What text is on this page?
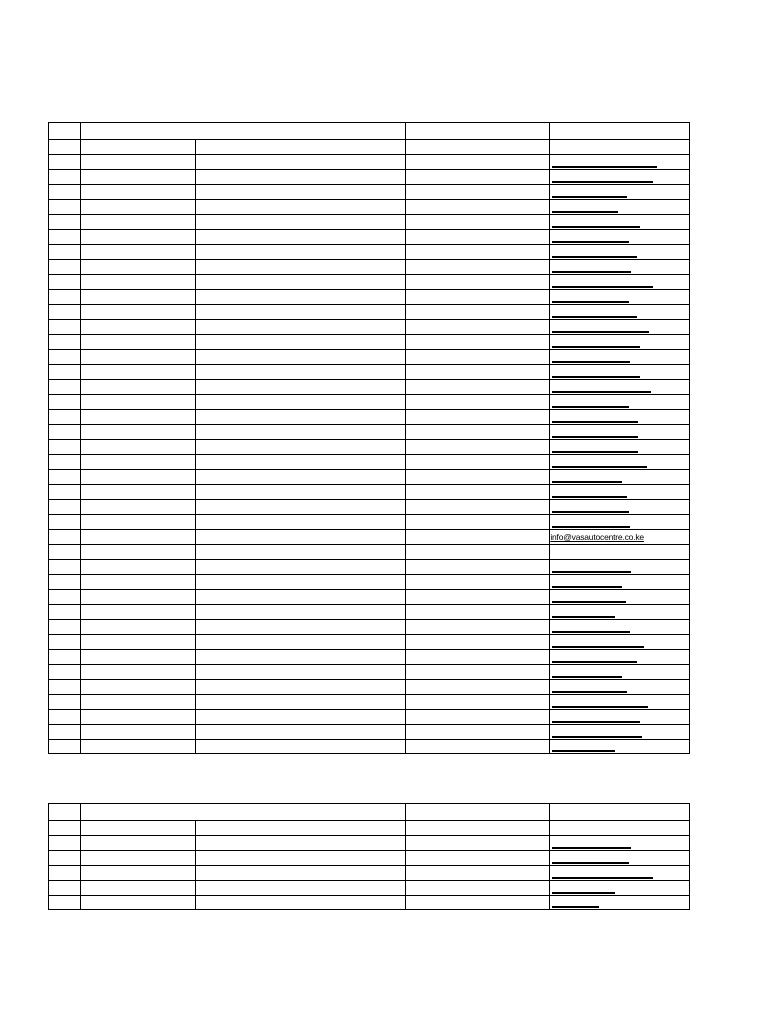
				info@vasautocentre.co.ke
